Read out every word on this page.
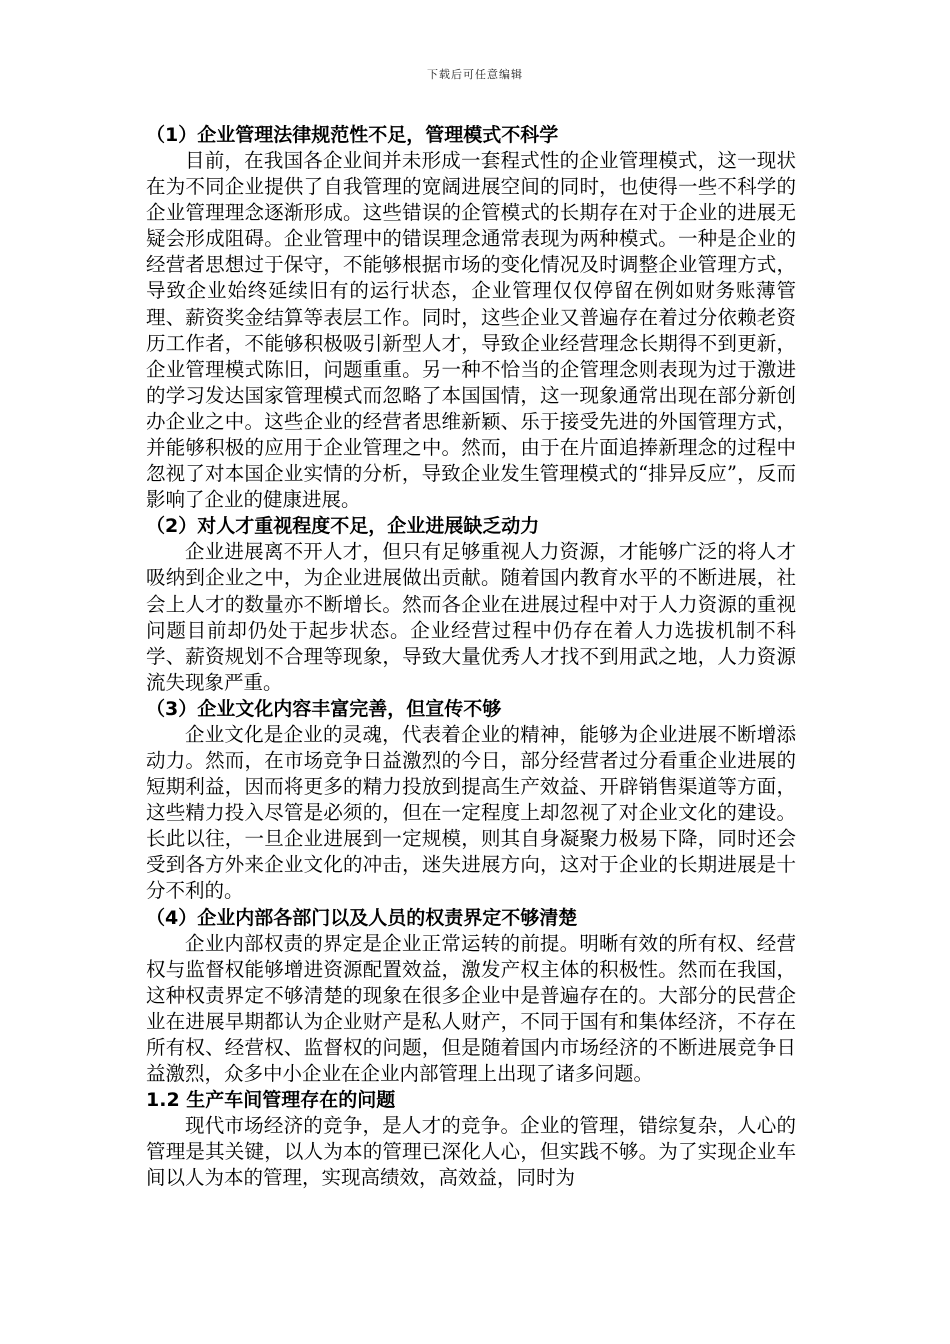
下载后可任意编辑

（1）企业管理法律规范性不足，管理模式不科学

目前，在我国各企业间并未形成一套程式性的企业管理模式，这一现状在为不同企业提供了自我管理的宽阔进展空间的同时，也使得一些不科学的企业管理理念逐渐形成。这些错误的企管模式的长期存在对于企业的进展无疑会形成阻碍。企业管理中的错误理念通常表现为两种模式。一种是企业的经营者思想过于保守，不能够根据市场的变化情况及时调整企业管理方式，导致企业始终延续旧有的运行状态，企业管理仅仅停留在例如财务账薄管理、薪资奖金结算等表层工作。同时，这些企业又普遍存在着过分依赖老资历工作者，不能够积极吸引新型人才，导致企业经营理念长期得不到更新，企业管理模式陈旧，问题重重。另一种不恰当的企管理念则表现为过于激进的学习发达国家管理模式而忽略了本国国情，这一现象通常出现在部分新创办企业之中。这些企业的经营者思维新颖、乐于接受先进的外国管理方式，并能够积极的应用于企业管理之中。然而，由于在片面追捧新理念的过程中忽视了对本国企业实情的分析，导致企业发生管理模式的“排异反应”，反而影响了企业的健康进展。

（2）对人才重视程度不足，企业进展缺乏动力

企业进展离不开人才，但只有足够重视人力资源，才能够广泛的将人才吸纳到企业之中，为企业进展做出贡献。随着国内教育水平的不断进展，社会上人才的数量亦不断增长。然而各企业在进展过程中对于人力资源的重视问题目前却仍处于起步状态。企业经营过程中仍存在着人力选拔机制不科学、薪资规划不合理等现象，导致大量优秀人才找不到用武之地，人力资源流失现象严重。

（3）企业文化内容丰富完善，但宣传不够

企业文化是企业的灵魂，代表着企业的精神，能够为企业进展不断增添动力。然而，在市场竞争日益激烈的今日，部分经营者过分看重企业进展的短期利益，因而将更多的精力投放到提高生产效益、开辟销售渠道等方面，这些精力投入尽管是必须的，但在一定程度上却忽视了对企业文化的建设。长此以往，一旦企业进展到一定规模，则其自身凝聚力极易下降，同时还会受到各方外来企业文化的冲击，迷失进展方向，这对于企业的长期进展是十分不利的。

（4）企业内部各部门以及人员的权责界定不够清楚

企业内部权责的界定是企业正常运转的前提。明晰有效的所有权、经营权与监督权能够增进资源配置效益，激发产权主体的积极性。然而在我国，这种权责界定不够清楚的现象在很多企业中是普遍存在的。大部分的民营企业在进展早期都认为企业财产是私人财产，不同于国有和集体经济，不存在所有权、经营权、监督权的问题，但是随着国内市场经济的不断进展竞争日益激烈，众多中小企业在企业内部管理上出现了诸多问题。

1.2 生产车间管理存在的问题

现代市场经济的竞争，是人才的竞争。企业的管理，错综复杂，人心的管理是其关键，以人为本的管理已深化人心，但实践不够。为了实现企业车间以人为本的管理，实现高绩效，高效益，同时为
